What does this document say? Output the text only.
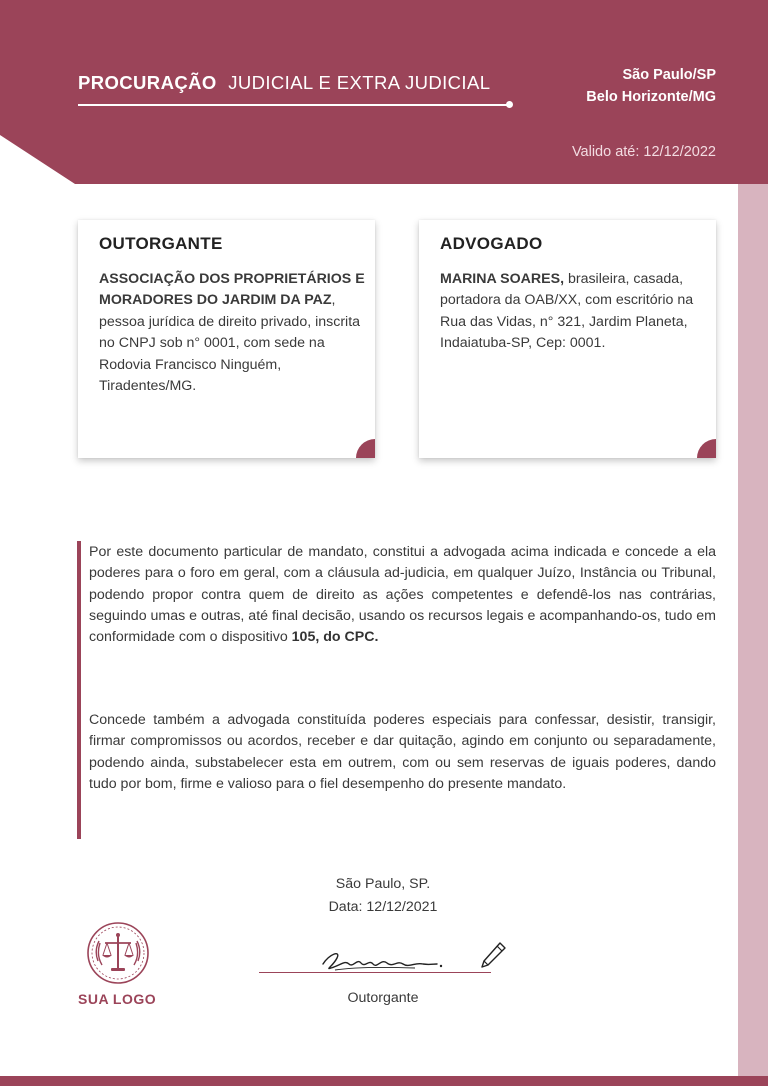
PROCURAÇÃO JUDICIAL E EXTRA JUDICIAL	São Paulo/SP
Belo Horizonte/MG
Valido até: 12/12/2022
OUTORGANTE
ASSOCIAÇÃO DOS PROPRIETÁRIOS E MORADORES DO JARDIM DA PAZ, pessoa jurídica de direito privado, inscrita no CNPJ sob n° 0001, com sede na Rodovia Francisco Ninguém, Tiradentes/MG.
ADVOGADO
MARINA SOARES, brasileira, casada, portadora da OAB/XX, com escritório na Rua das Vidas, n° 321, Jardim Planeta, Indaiatuba-SP, Cep: 0001.
Por este documento particular de mandato, constitui a advogada acima indicada e concede a ela poderes para o foro em geral, com a cláusula ad-judicia, em qualquer Juízo, Instância ou Tribunal, podendo propor contra quem de direito as ações competentes e defendê-los nas contrárias, seguindo umas e outras, até final decisão, usando os recursos legais e acompanhando-os, tudo em conformidade com o dispositivo 105, do CPC.
Concede também a advogada constituída poderes especiais para confessar, desistir, transigir, firmar compromissos ou acordos, receber e dar quitação, agindo em conjunto ou separadamente, podendo ainda, substabelecer esta em outrem, com ou sem reservas de iguais poderes, dando tudo por bom, firme e valioso para o fiel desempenho do presente mandato.
São Paulo, SP.
Data: 12/12/2021
SUA LOGO	Outorgante
